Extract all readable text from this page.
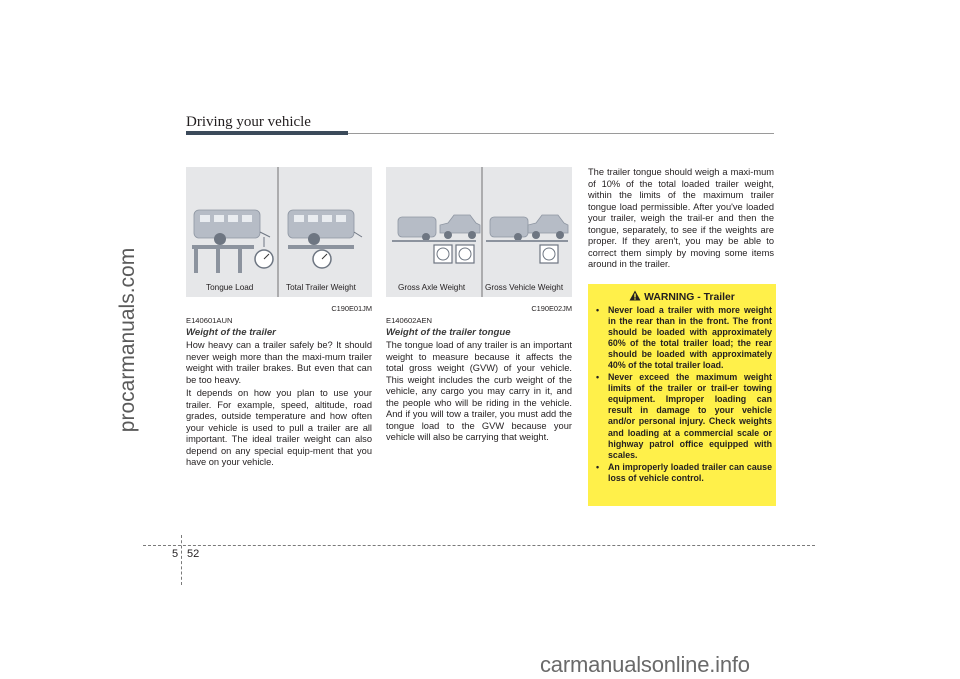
procarmanuals.com
Driving your vehicle
Tongue Load	Total Trailer Weight
C190E01JM
Gross Axle Weight Gross Vehicle Weight
C190E02JM
E140601AUN
Weight of the trailer

How heavy can a trailer safely be? It should never weigh more than the maxi-mum trailer weight with trailer brakes. But even that can be too heavy.

It depends on how you plan to use your trailer. For example, speed, altitude, road grades, outside temperature and how often your vehicle is used to pull a trailer are all important. The ideal trailer weight can also depend on any special equip-ment that you have on your vehicle.

E140602AEN
Weight of the trailer tongue

The tongue load of any trailer is an important weight to measure because it affects the total gross weight (GVW) of your vehicle. This weight includes the curb weight of the vehicle, any cargo you may carry in it, and the people who will be riding in the vehicle. And if you will tow a trailer, you must add the tongue load to the GVW because your vehicle will also be carrying that weight.

The trailer tongue should weigh a maxi-mum of 10% of the total loaded trailer weight, within the limits of the maximum trailer tongue load permissible. After you've loaded your trailer, weigh the trail-er and then the tongue, separately, to see if the weights are proper. If they aren't, you may be able to correct them simply by moving some items around in the trailer.

WARNING - Trailer
• Never load a trailer with more weight in the rear than in the front. The front should be loaded with approximately 60% of the total trailer load; the rear should be loaded with approximately 40% of the total trailer load.
• Never exceed the maximum weight limits of the trailer or trail-er towing equipment. Improper loading can result in damage to your vehicle and/or personal injury. Check weights and loading at a commercial scale or highway patrol office equipped with scales.
• An improperly loaded trailer can cause loss of vehicle control.
5 52
carmanualsonline.info
